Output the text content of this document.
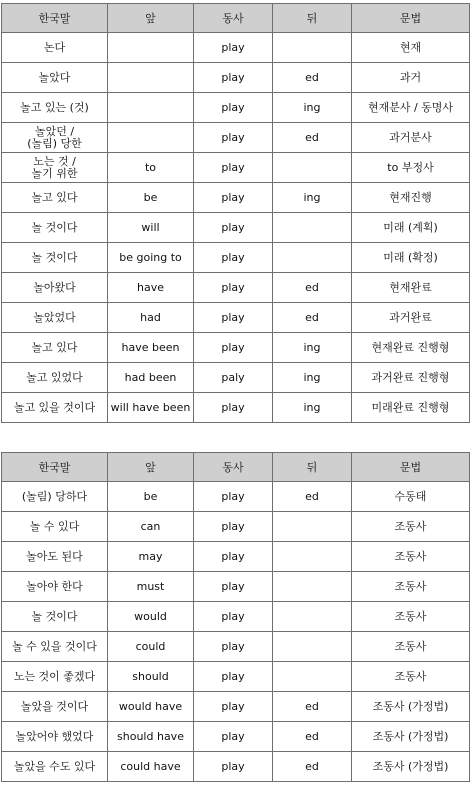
한국말	앞	동사	뒤	문법
논다		play		현재
놀았다		play	ed	과거
놀고 있는 (것)		play	ing	현재분사 / 동명사
놀았던 /
(놀림) 당한		play	ed	과거분사
노는 것 /
놀기 위한	to	play		to 부정사
놀고 있다	be	play	ing	현재진행
놀 것이다	will	play		미래 (계획)
놀 것이다	be going to	play		미래 (확정)
놀아왔다	have	play	ed	현재완료
놀았었다	had	play	ed	과거완료
놀고 있다	have been	play	ing	현재완료 진행형
놀고 있었다	had been	paly	ing	과거완료 진행형
놀고 있을 것이다	will have been	play	ing	미래완료 진행형
한국말	앞	동사	뒤	문법
(놀림) 당하다	be	play	ed	수동태
놀 수 있다	can	play		조동사
놀아도 된다	may	play		조동사
놀아야 한다	must	play		조동사
놀 것이다	would	play		조동사
놀 수 있을 것이다	could	play		조동사
노는 것이 좋겠다	should	play		조동사
놀았을 것이다	would have	play	ed	조동사 (가정법)
놀았어야 했었다	should have	play	ed	조동사 (가정법)
놀았을 수도 있다	could have	play	ed	조동사 (가정법)
